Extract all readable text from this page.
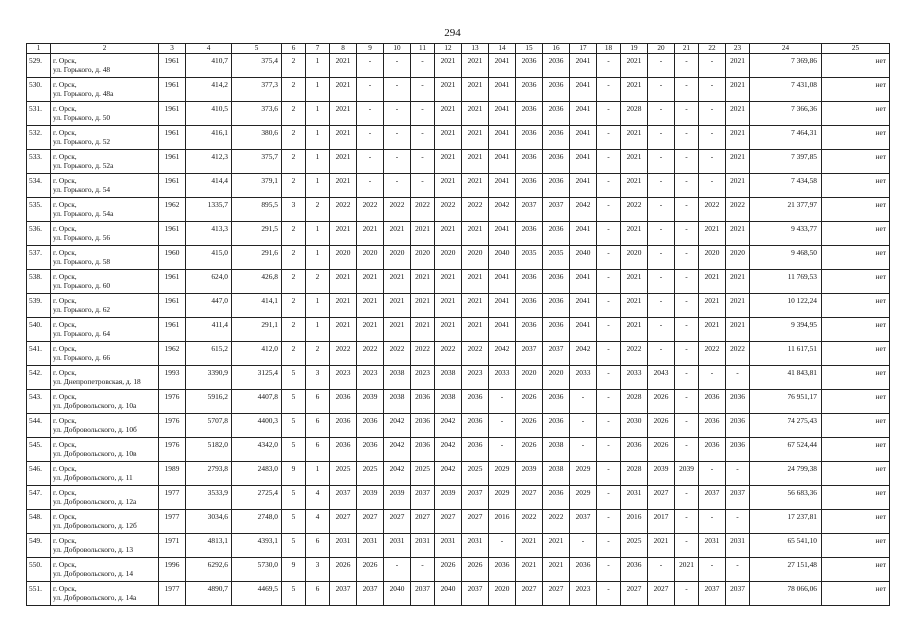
294
1	2	3	4	5	6	7	8	9	10	11	12	13	14	15	16	17	18	19	20	21	22	23	24	25
529.	г. Орск,
ул. Горького, д. 48	1961	410,7	375,4	2	1	2021	-	-	-	2021	2021	2041	2036	2036	2041	-	2021	-	-	-	2021	7 369,86	нет
530.	г. Орск,
ул. Горького, д. 48а	1961	414,2	377,3	2	1	2021	-	-	-	2021	2021	2041	2036	2036	2041	-	2021	-	-	-	2021	7 431,08	нет
531.	г. Орск,
ул. Горького, д. 50	1961	410,5	373,6	2	1	2021	-	-	-	2021	2021	2041	2036	2036	2041	-	2028	-	-	-	2021	7 366,36	нет
532.	г. Орск,
ул. Горького, д. 52	1961	416,1	380,6	2	1	2021	-	-	-	2021	2021	2041	2036	2036	2041	-	2021	-	-	-	2021	7 464,31	нет
533.	г. Орск,
ул. Горького, д. 52а	1961	412,3	375,7	2	1	2021	-	-	-	2021	2021	2041	2036	2036	2041	-	2021	-	-	-	2021	7 397,85	нет
534.	г. Орск,
ул. Горького, д. 54	1961	414,4	379,1	2	1	2021	-	-	-	2021	2021	2041	2036	2036	2041	-	2021	-	-	-	2021	7 434,58	нет
535.	г. Орск,
ул. Горького, д. 54а	1962	1335,7	895,5	3	2	2022	2022	2022	2022	2022	2022	2042	2037	2037	2042	-	2022	-	-	2022	2022	21 377,97	нет
536.	г. Орск,
ул. Горького, д. 56	1961	413,3	291,5	2	1	2021	2021	2021	2021	2021	2021	2041	2036	2036	2041	-	2021	-	-	2021	2021	9 433,77	нет
537.	г. Орск,
ул. Горького, д. 58	1960	415,0	291,6	2	1	2020	2020	2020	2020	2020	2020	2040	2035	2035	2040	-	2020	-	-	2020	2020	9 468,50	нет
538.	г. Орск,
ул. Горького, д. 60	1961	624,0	426,8	2	2	2021	2021	2021	2021	2021	2021	2041	2036	2036	2041	-	2021	-	-	2021	2021	11 769,53	нет
539.	г. Орск,
ул. Горького, д. 62	1961	447,0	414,1	2	1	2021	2021	2021	2021	2021	2021	2041	2036	2036	2041	-	2021	-	-	2021	2021	10 122,24	нет
540.	г. Орск,
ул. Горького, д. 64	1961	411,4	291,1	2	1	2021	2021	2021	2021	2021	2021	2041	2036	2036	2041	-	2021	-	-	2021	2021	9 394,95	нет
541.	г. Орск,
ул. Горького, д. 66	1962	615,2	412,0	2	2	2022	2022	2022	2022	2022	2022	2042	2037	2037	2042	-	2022	-	-	2022	2022	11 617,51	нет
542.	г. Орск,
ул. Днепропетровская, д. 18	1993	3390,9	3125,4	5	3	2023	2023	2038	2023	2038	2023	2033	2020	2020	2033	-	2033	2043	-	-	-	41 843,81	нет
543.	г. Орск,
ул. Добровольского, д. 10а	1976	5916,2	4407,8	5	6	2036	2039	2038	2036	2038	2036	-	2026	2036	-	-	2028	2026	-	2036	2036	76 951,17	нет
544.	г. Орск,
ул. Добровольского, д. 10б	1976	5707,8	4400,3	5	6	2036	2036	2042	2036	2042	2036	-	2026	2036	-	-	2030	2026	-	2036	2036	74 275,43	нет
545.	г. Орск,
ул. Добровольского, д. 10в	1976	5182,0	4342,0	5	6	2036	2036	2042	2036	2042	2036	-	2026	2038	-	-	2036	2026	-	2036	2036	67 524,44	нет
546.	г. Орск,
ул. Добровольского, д. 11	1989	2793,8	2483,0	9	1	2025	2025	2042	2025	2042	2025	2029	2039	2038	2029	-	2028	2039	2039	-	-	24 799,38	нет
547.	г. Орск,
ул. Добровольского, д. 12а	1977	3533,9	2725,4	5	4	2037	2039	2039	2037	2039	2037	2029	2027	2036	2029	-	2031	2027	-	2037	2037	56 683,36	нет
548.	г. Орск,
ул. Добровольского, д. 12б	1977	3034,6	2748,0	5	4	2027	2027	2027	2027	2027	2027	2016	2022	2022	2037	-	2016	2017	-	-	-	17 237,81	нет
549.	г. Орск,
ул. Добровольского, д. 13	1971	4813,1	4393,1	5	6	2031	2031	2031	2031	2031	2031	-	2021	2021	-	-	2025	2021	-	2031	2031	65 541,10	нет
550.	г. Орск,
ул. Добровольского, д. 14	1996	6292,6	5730,0	9	3	2026	2026	-	-	2026	2026	2036	2021	2021	2036	-	2036	-	2021	-	-	27 151,48	нет
551.	г. Орск,
ул. Добровольского, д. 14а	1977	4890,7	4469,5	5	6	2037	2037	2040	2037	2040	2037	2020	2027	2027	2023	-	2027	2027	-	2037	2037	78 066,06	нет
